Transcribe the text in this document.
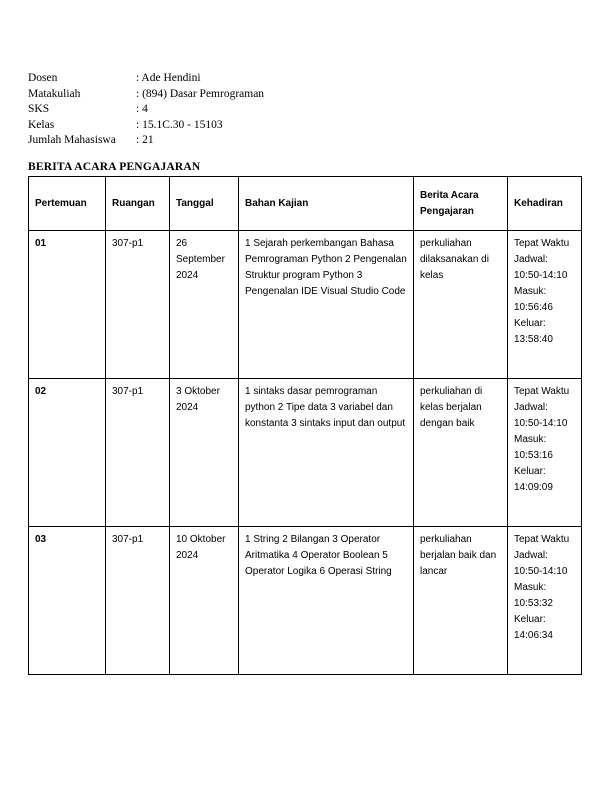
Dosen	: Ade Hendini
Matakuliah	: (894) Dasar Pemrograman
SKS	: 4
Kelas	: 15.1C.30 - 15103
Jumlah Mahasiswa	: 21
BERITA ACARA PENGAJARAN
Pertemuan	Ruangan	Tanggal	Bahan Kajian	Berita Acara Pengajaran	Kehadiran
01	307-p1	26 September 2024	1 Sejarah perkembangan Bahasa Pemrograman Python 2 Pengenalan Struktur program Python 3 Pengenalan IDE Visual Studio Code	perkuliahan dilaksanakan di kelas	Tepat Waktu
Jadwal: 10:50-14:10
Masuk: 10:56:46
Keluar: 13:58:40

02	307-p1	3 Oktober 2024	1 sintaks dasar pemrograman python 2 Tipe data 3 variabel dan konstanta 3 sintaks input dan output	perkuliahan di kelas berjalan dengan baik	Tepat Waktu
Jadwal: 10:50-14:10
Masuk: 10:53:16
Keluar: 14:09:09

03	307-p1	10 Oktober 2024	1 String 2 Bilangan 3 Operator Aritmatika 4 Operator Boolean 5 Operator Logika 6 Operasi String	perkuliahan berjalan baik dan lancar	Tepat Waktu
Jadwal: 10:50-14:10
Masuk: 10:53:32
Keluar: 14:06:34
